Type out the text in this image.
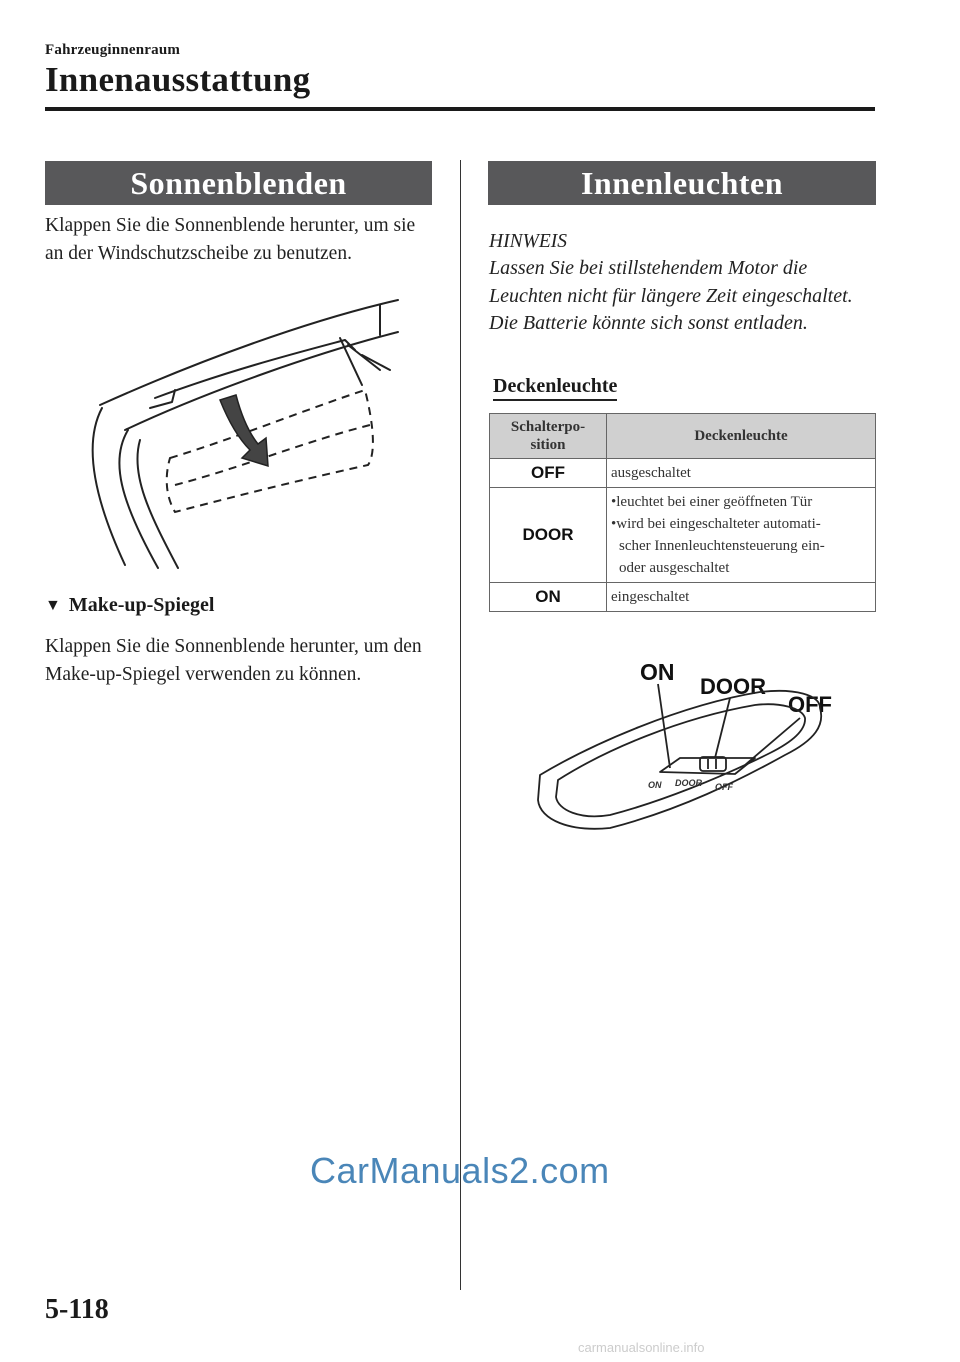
Fahrzeuginnenraum
Innenausstattung
Sonnenblenden
Klappen Sie die Sonnenblende herunter, um sie an der Windschutzscheibe zu benutzen.
▼ Make-up-Spiegel
Klappen Sie die Sonnenblende herunter, um den Make-up-Spiegel verwenden zu können.
Innenleuchten
HINWEIS
Lassen Sie bei stillstehendem Motor die Leuchten nicht für längere Zeit eingeschaltet. Die Batterie könnte sich sonst entladen.
Deckenleuchte
Schalterpo-sition	Deckenleuchte
OFF	ausgeschaltet
DOOR	•leuchtet bei einer geöffneten Tür
•wird bei eingeschalteter automati-
scher Innenleuchtensteuerung ein-
oder ausgeschaltet

ON	eingeschaltet
ON
DOOR
OFF
ON DOOR OFF
CarManuals2.com
5-118
carmanualsonline.info
